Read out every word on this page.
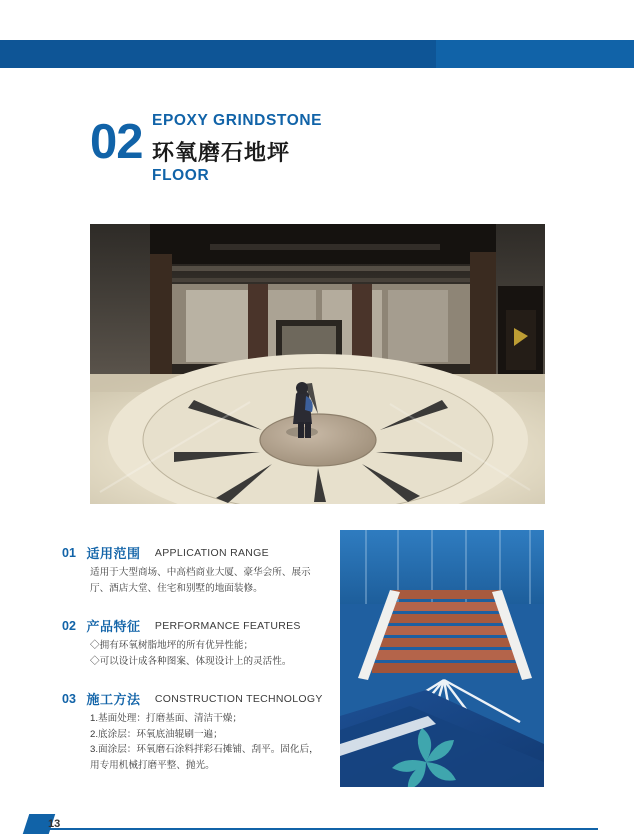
02 EPOXY GRINDSTONE
环氧磨石地坪
FLOOR
01 适用范围 APPLICATION RANGE
适用于大型商场、中高档商业大厦、豪华会所、展示
厅、酒店大堂、住宅和别墅的地面装修。
02 产品特征 PERFORMANCE FEATURES
◇拥有环氧树脂地坪的所有优异性能；
◇可以设计成各种图案、体现设计上的灵活性。
03 施工方法 CONSTRUCTION TECHNOLOGY
1.基面处理：打磨基面、清洁干燥；
2.底涂层：环氧底油辊刷一遍；
3.面涂层：环氧磨石涂料拌彩石摊铺、刮平。固化后，
用专用机械打磨平整、抛光。
13
